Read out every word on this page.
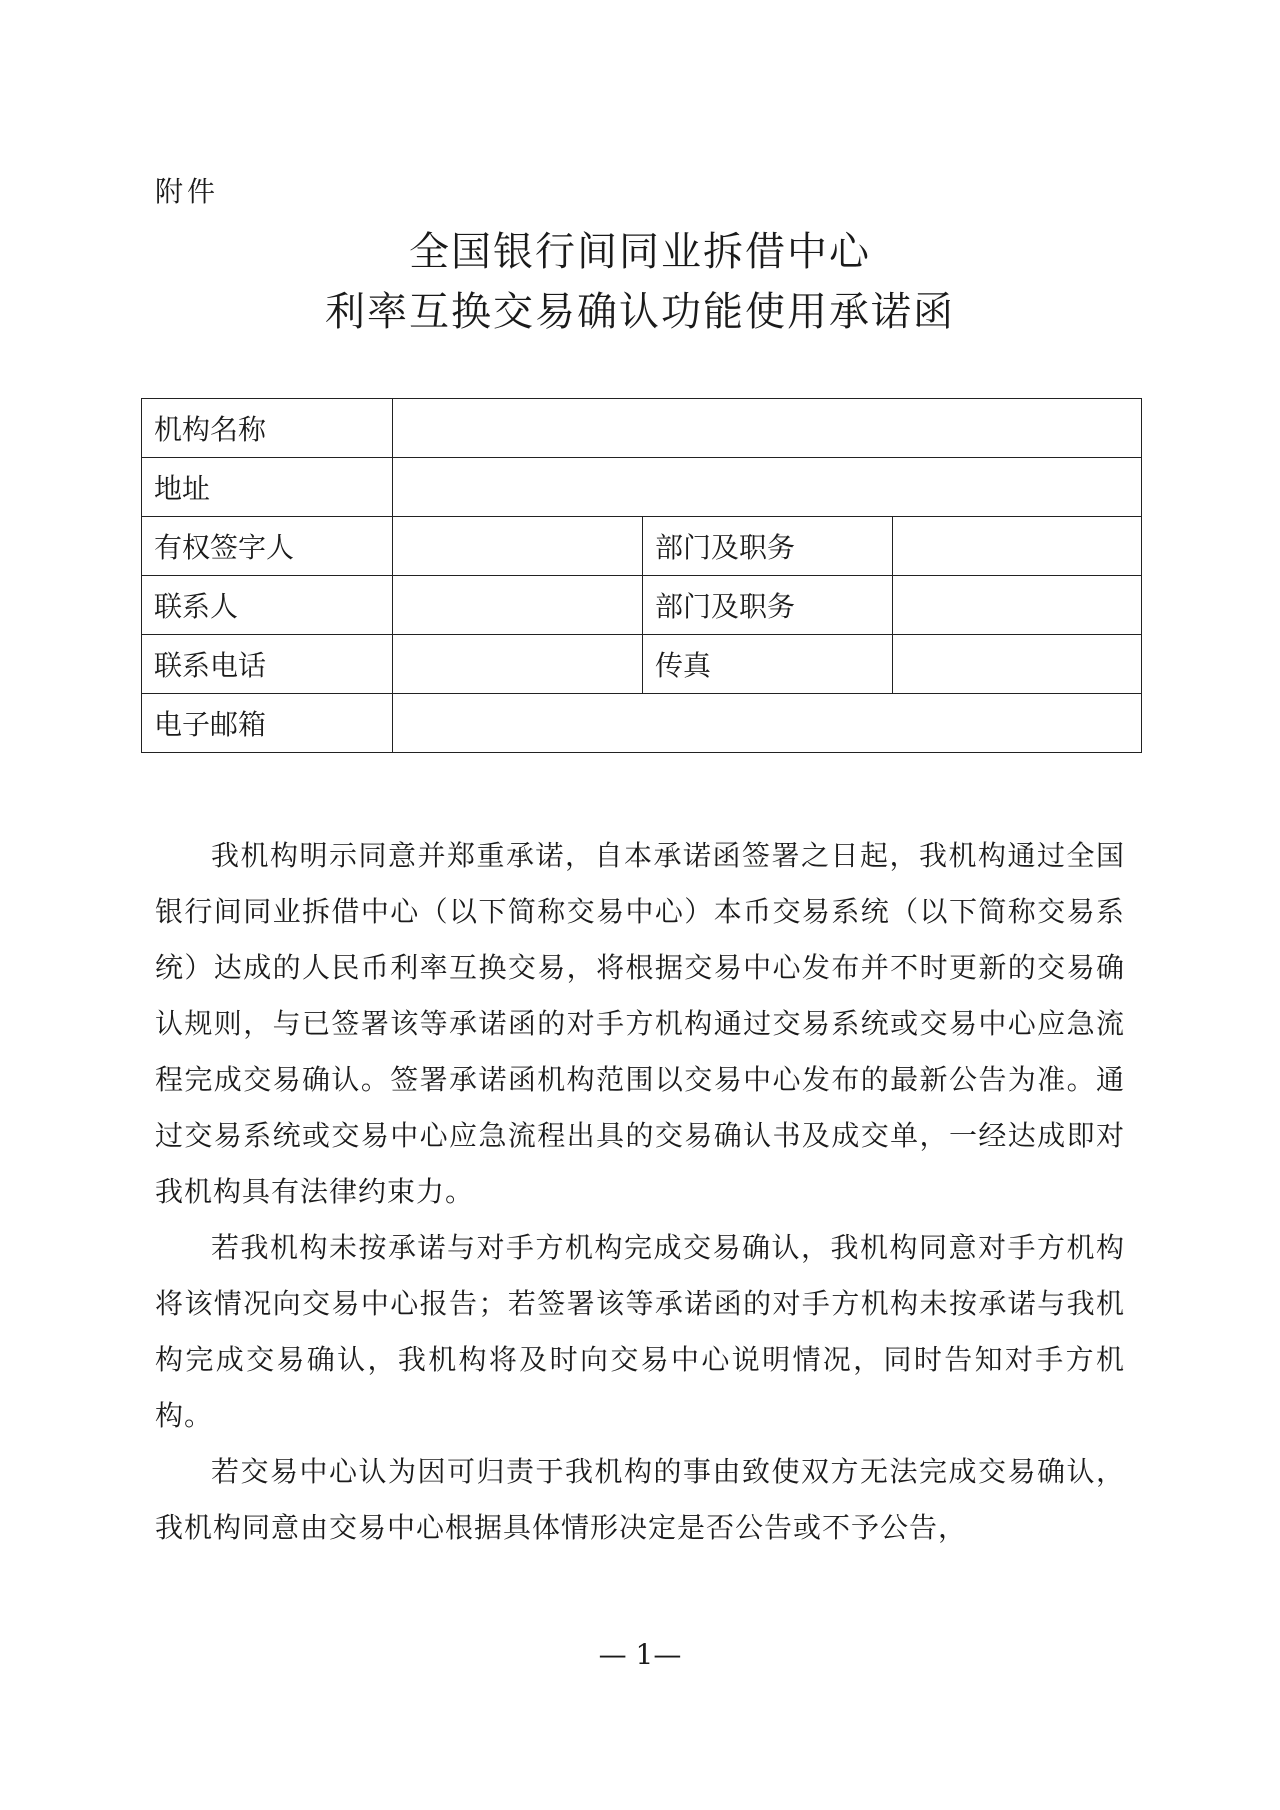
附件
全国银行间同业拆借中心
利率互换交易确认功能使用承诺函
机构名称			
地址			
有权签字人		部门及职务	
联系人		部门及职务	
联系电话		传真	
电子邮箱			

我机构明示同意并郑重承诺，自本承诺函签署之日起，我机构通过全国银行间同业拆借中心（以下简称交易中心）本币交易系统（以下简称交易系统）达成的人民币利率互换交易，将根据交易中心发布并不时更新的交易确认规则，与已签署该等承诺函的对手方机构通过交易系统或交易中心应急流程完成交易确认。签署承诺函机构范围以交易中心发布的最新公告为准。通过交易系统或交易中心应急流程出具的交易确认书及成交单，一经达成即对我机构具有法律约束力。

若我机构未按承诺与对手方机构完成交易确认，我机构同意对手方机构将该情况向交易中心报告；若签署该等承诺函的对手方机构未按承诺与我机构完成交易确认，我机构将及时向交易中心说明情况，同时告知对手方机构。

若交易中心认为因可归责于我机构的事由致使双方无法完成交易确认，我机构同意由交易中心根据具体情形决定是否公告或不予公告，

— 1—
